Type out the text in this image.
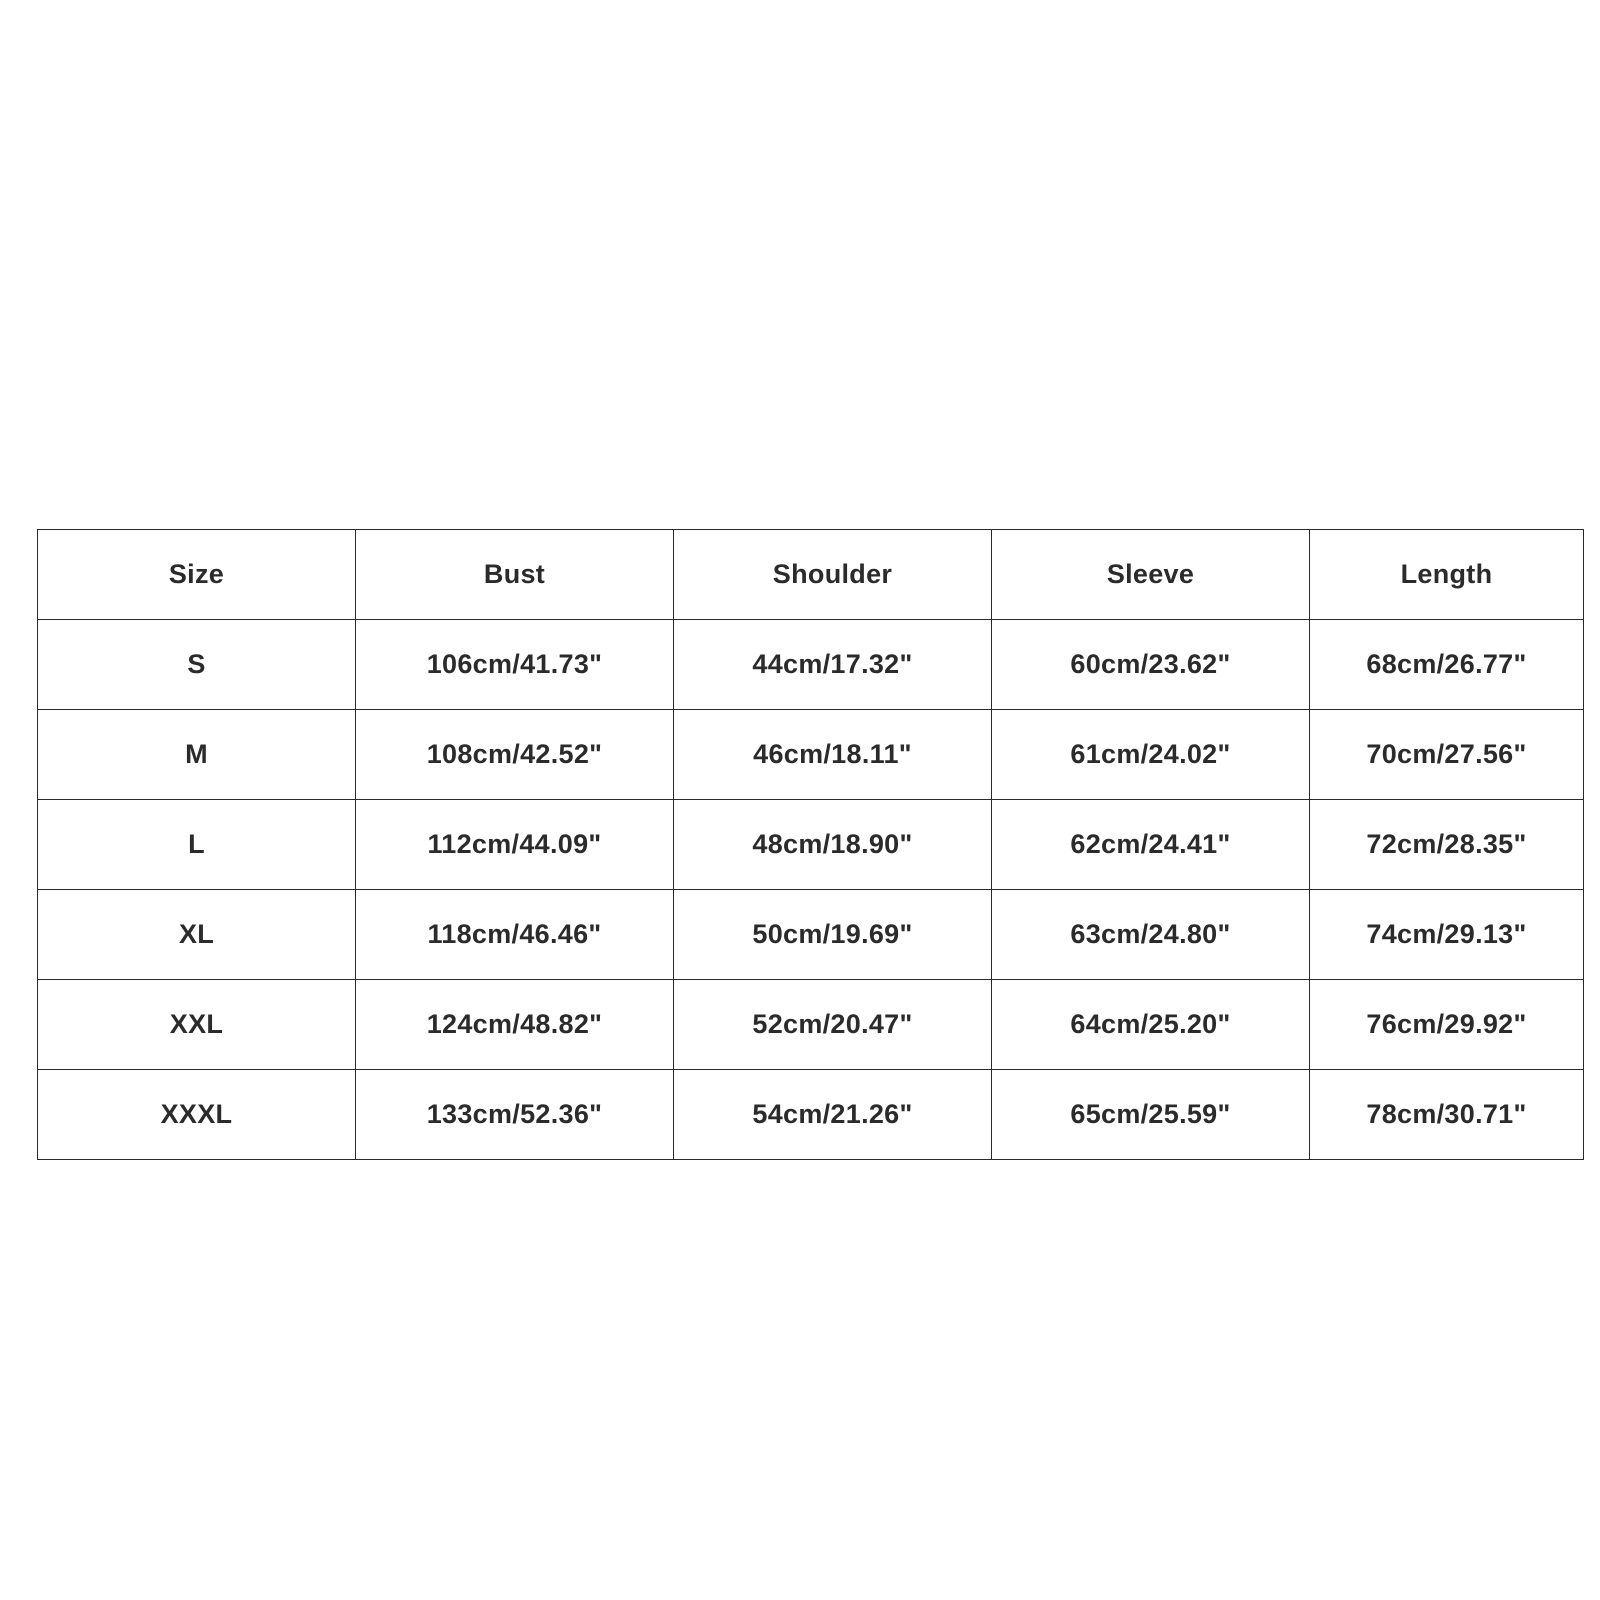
Size	Bust	Shoulder	Sleeve	Length
S	106cm/41.73"	44cm/17.32"	60cm/23.62"	68cm/26.77"
M	108cm/42.52"	46cm/18.11"	61cm/24.02"	70cm/27.56"
L	112cm/44.09"	48cm/18.90"	62cm/24.41"	72cm/28.35"
XL	118cm/46.46"	50cm/19.69"	63cm/24.80"	74cm/29.13"
XXL	124cm/48.82"	52cm/20.47"	64cm/25.20"	76cm/29.92"
XXXL	133cm/52.36"	54cm/21.26"	65cm/25.59"	78cm/30.71"
